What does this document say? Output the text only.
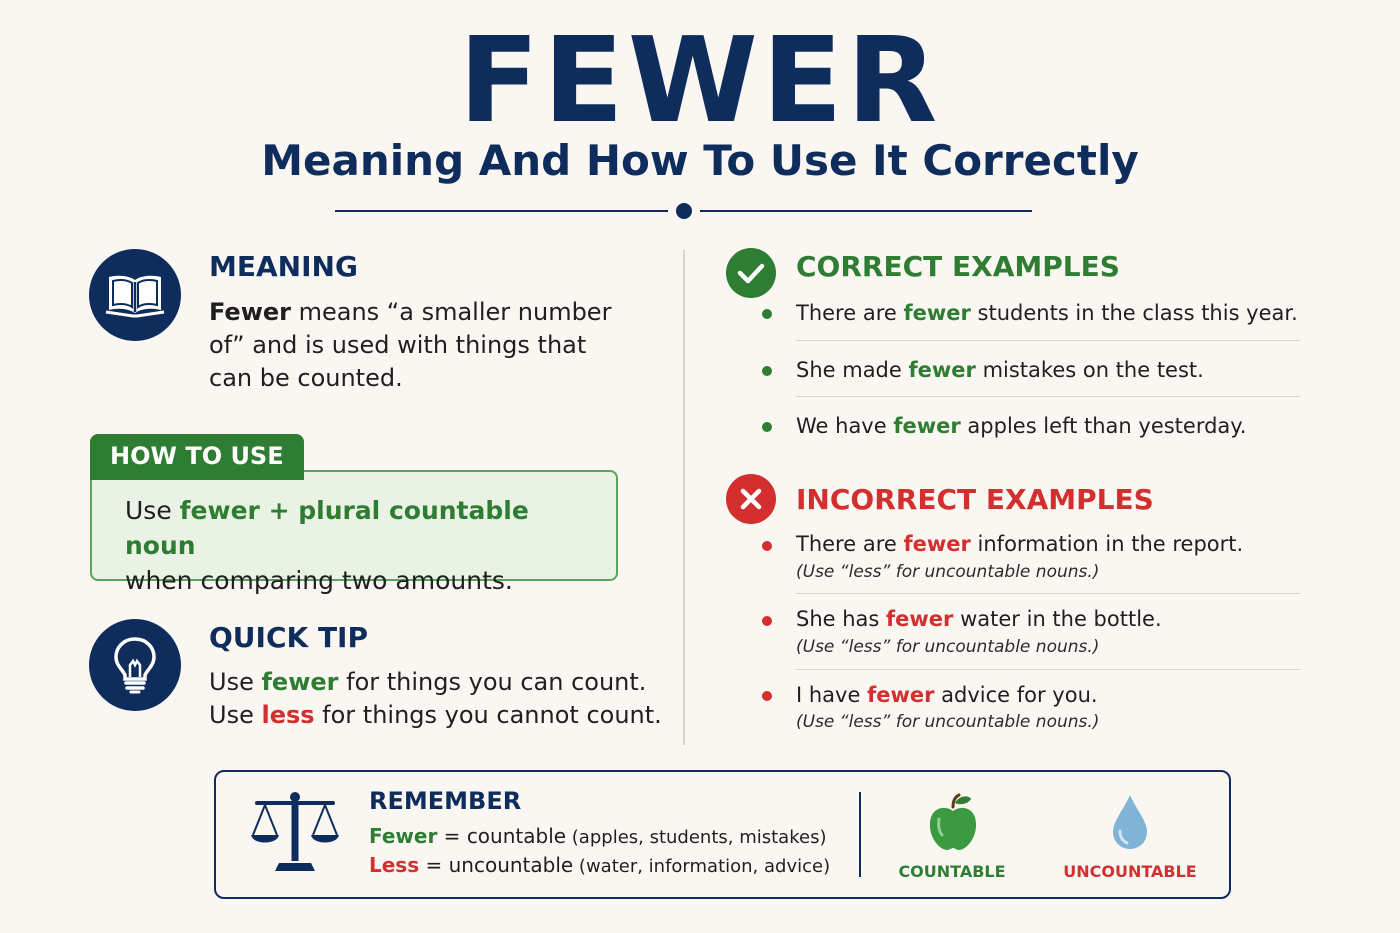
FEWER
Meaning And How To Use It Correctly
MEANING
Fewer means “a smaller number
of” and is used with things that
can be counted.
HOW TO USE
Use fewer + plural countable noun
when comparing two amounts.
QUICK TIP
Use fewer for things you can count.
Use less for things you cannot count.
CORRECT EXAMPLES
There are fewer students in the class this year.
She made fewer mistakes on the test.
We have fewer apples left than yesterday.
INCORRECT EXAMPLES
There are fewer information in the report.
(Use “less” for uncountable nouns.)
She has fewer water in the bottle.
(Use “less” for uncountable nouns.)
I have fewer advice for you.
(Use “less” for uncountable nouns.)
REMEMBER
Fewer = countable (apples, students, mistakes)
Less = uncountable (water, information, advice)	COUNTABLE	UNCOUNTABLE
